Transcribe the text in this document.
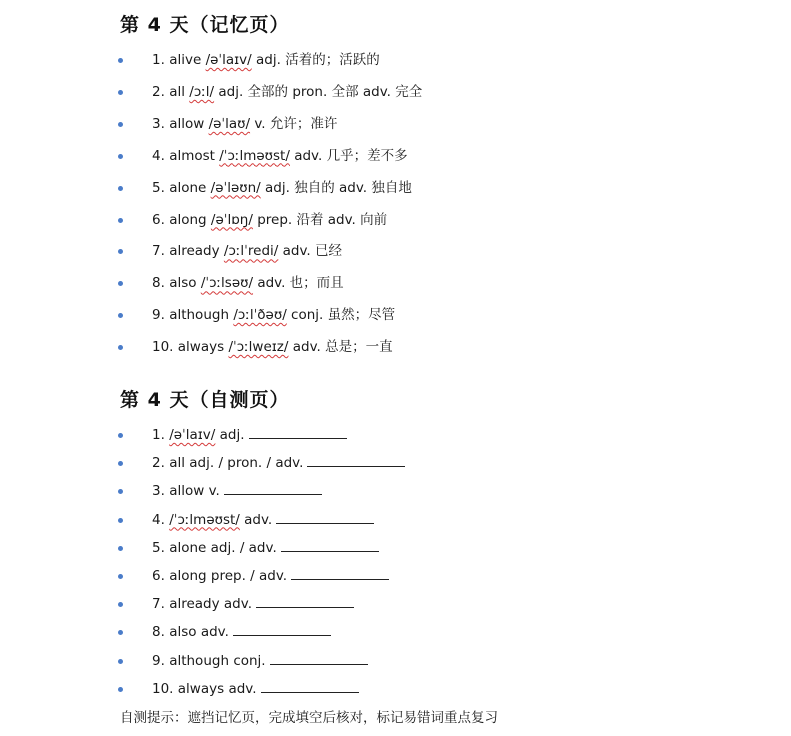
第 4 天（记忆页）
1. alive /əˈlaɪv/ adj. 活着的；活跃的
2. all /ɔːl/ adj. 全部的 pron. 全部 adv. 完全
3. allow /əˈlaʊ/ v. 允许；准许
4. almost /ˈɔːlməʊst/ adv. 几乎；差不多
5. alone /əˈləʊn/ adj. 独自的 adv. 独自地
6. along /əˈlɒŋ/ prep. 沿着 adv. 向前
7. already /ɔːlˈredi/ adv. 已经
8. also /ˈɔːlsəʊ/ adv. 也；而且
9. although /ɔːlˈðəʊ/ conj. 虽然；尽管
10. always /ˈɔːlweɪz/ adv. 总是；一直
第 4 天（自测页）
1. /əˈlaɪv/ adj.
2. all adj. / pron. / adv.
3. allow v.
4. /ˈɔːlməʊst/ adv.
5. alone adj. / adv.
6. along prep. / adv.
7. already adv.
8. also adv.
9. although conj.
10. always adv.
自测提示：遮挡记忆页，完成填空后核对，标记易错词重点复习
